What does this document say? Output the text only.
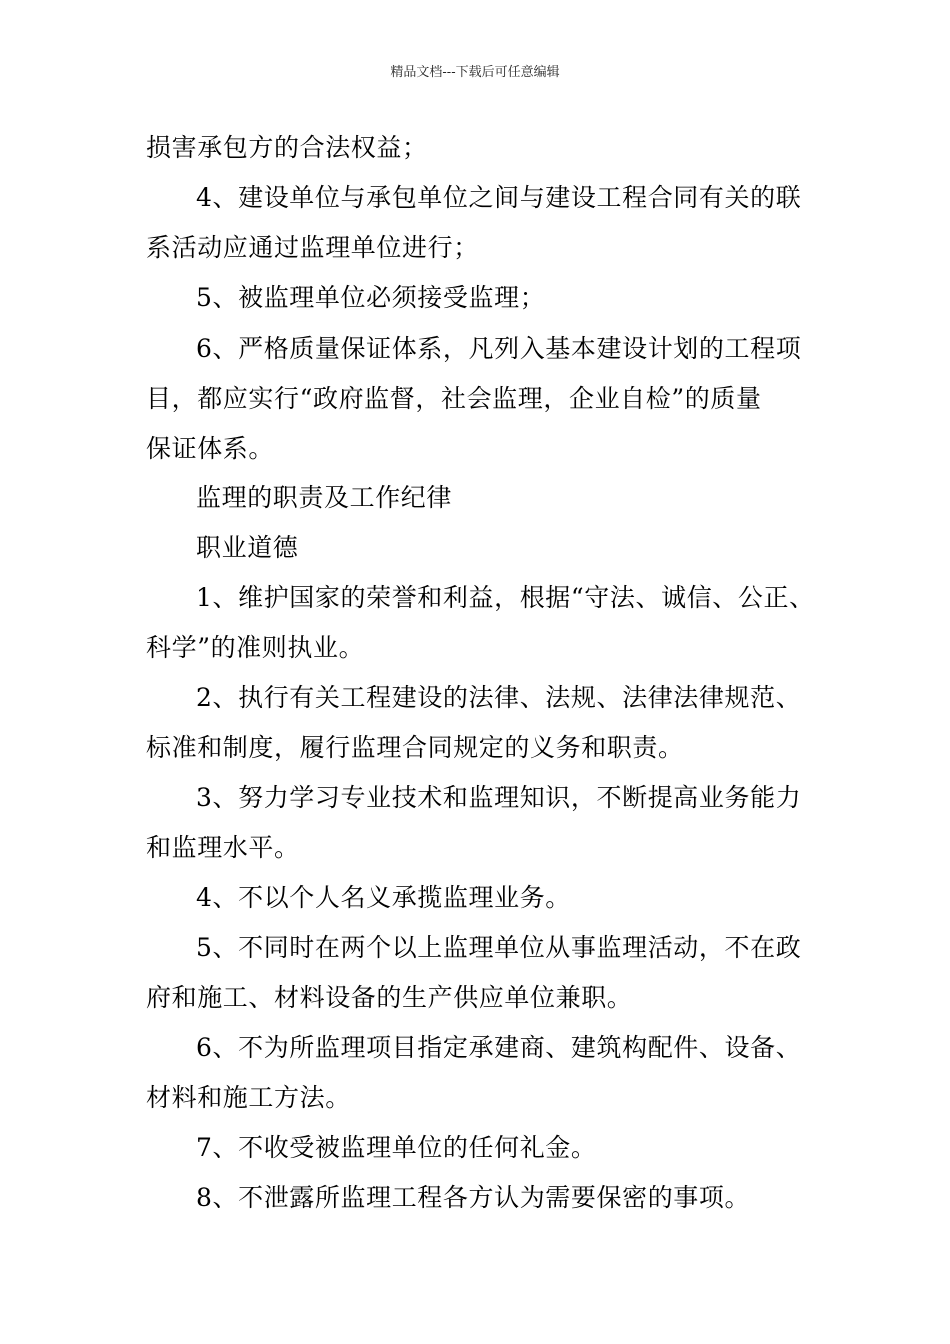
精品文档---下载后可任意编辑
损害承包方的合法权益；
4、建设单位与承包单位之间与建设工程合同有关的联
系活动应通过监理单位进行；
5、被监理单位必须接受监理；
6、严格质量保证体系，凡列入基本建设计划的工程项
目，都应实行“政府监督，社会监理，企业自检”的质量
保证体系。
监理的职责及工作纪律
职业道德
1、维护国家的荣誉和利益，根据“守法、诚信、公正、
科学”的准则执业。
2、执行有关工程建设的法律、法规、法律法律规范、
标准和制度，履行监理合同规定的义务和职责。
3、努力学习专业技术和监理知识，不断提高业务能力
和监理水平。
4、不以个人名义承揽监理业务。
5、不同时在两个以上监理单位从事监理活动，不在政
府和施工、材料设备的生产供应单位兼职。
6、不为所监理项目指定承建商、建筑构配件、设备、
材料和施工方法。
7、不收受被监理单位的任何礼金。
8、不泄露所监理工程各方认为需要保密的事项。
